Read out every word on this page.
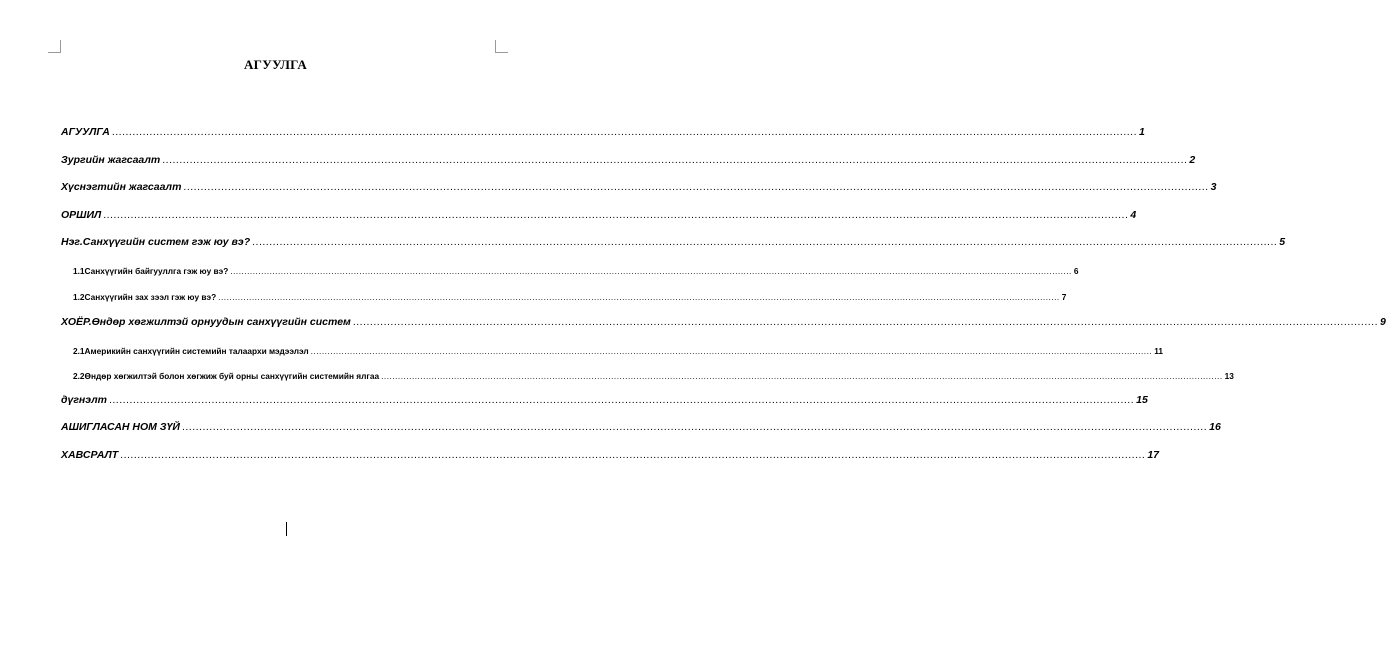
АГУУЛГА
АГУУЛГА ............................................................................................................................................................................................................................................................................................................ 1
Зургийн жагсаалт ............................................................................................................................................................................................................................................................................................................ 2
Хүснэгтийн жагсаалт ............................................................................................................................................................................................................................................................................................................ 3
ОРШИЛ ............................................................................................................................................................................................................................................................................................................ 4
Нэг.Санхүүгийн систем гэж юу вэ? ............................................................................................................................................................................................................................................................................................................ 5
1.1 Санхүүгийн байгууллга гэж юу вэ? ............................................................................................................................................................................................................................................................................................................ 6
1.2 Санхүүгийн зах зээл гэж юу вэ? ............................................................................................................................................................................................................................................................................................................ 7
ХОЁР.Өндөр хөгжилтэй орнуудын санхүүгийн систем ............................................................................................................................................................................................................................................................................................................ 9
2.1 Америкийн санхүүгийн системийн талаархи мэдээлэл ............................................................................................................................................................................................................................................................................................................ 11
2.2 Өндөр хөгжилтэй болон хөгжиж буй орны санхүүгийн системийн ялгаа ............................................................................................................................................................................................................................................................................................................ 13
дүгнэлт ............................................................................................................................................................................................................................................................................................................ 15
АШИГЛАСАН НОМ ЗҮЙ ............................................................................................................................................................................................................................................................................................................ 16
ХАВСРАЛТ ............................................................................................................................................................................................................................................................................................................ 17
